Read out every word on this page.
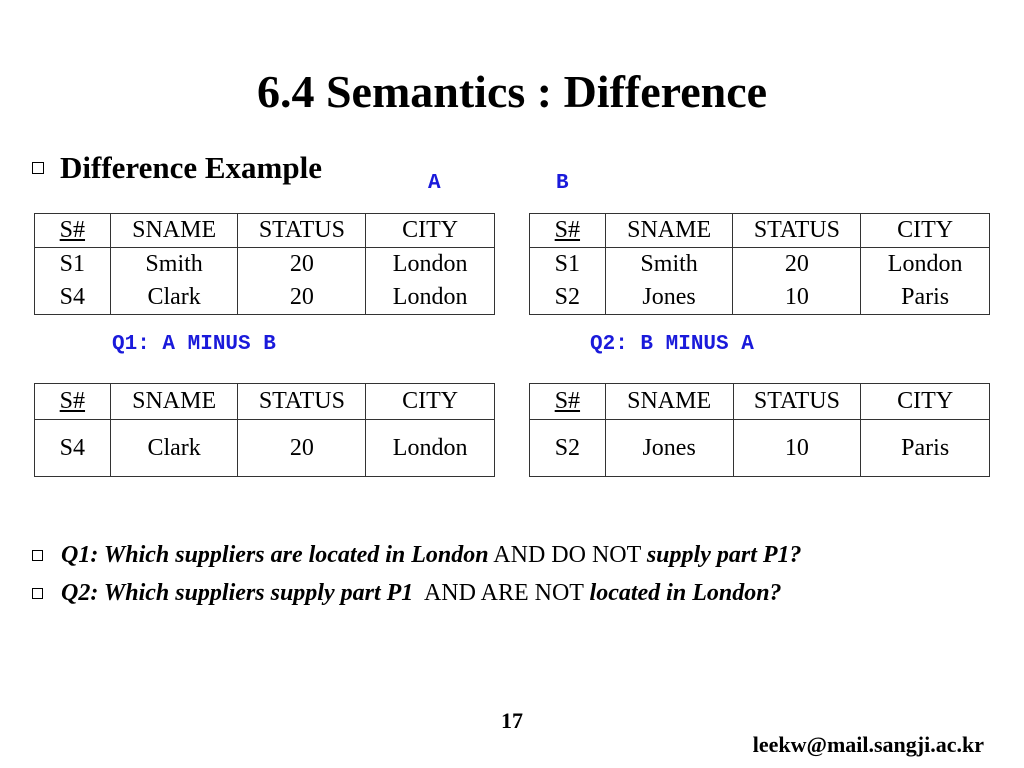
6.4 Semantics : Difference
Difference Example	A	B
S#	SNAME	STATUS	CITY
S1	Smith	20	London
S4	Clark	20	London
S#	SNAME	STATUS	CITY
S1	Smith	20	London
S2	Jones	10	Paris
Q1: A MINUS B	Q2: B MINUS A
S#	SNAME	STATUS	CITY
S4	Clark	20	London
S#	SNAME	STATUS	CITY
S2	Jones	10	Paris
Q1: Which suppliers are located in London AND DO NOT supply part P1?
Q2: Which suppliers supply part P1  AND ARE NOT located in London?
17
leekw@mail.sangji.ac.kr
